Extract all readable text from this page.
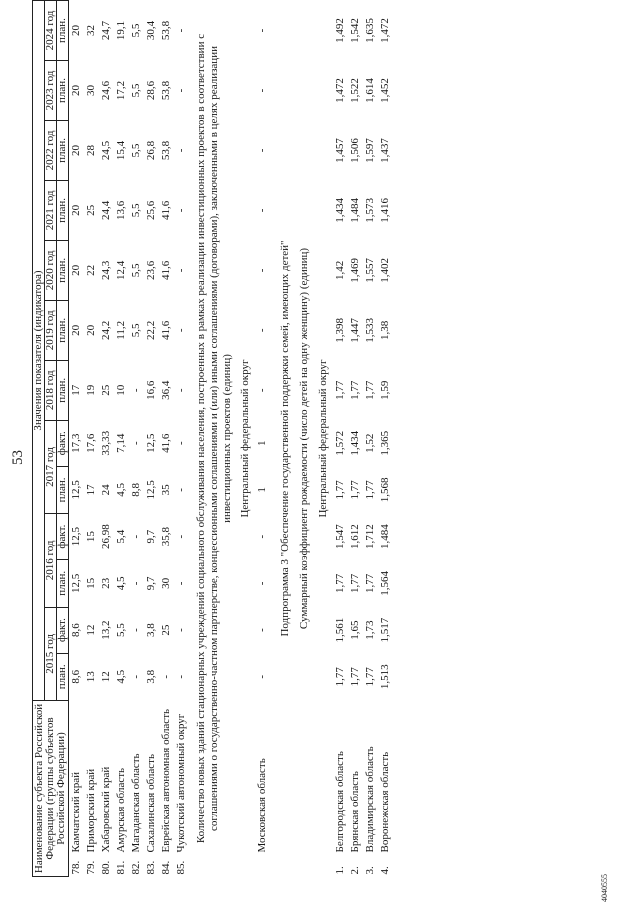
53
4040555
Наименование субъекта Российской Федерации (группы субъектов Российской Федерации)		Значения показателя (индикатора)												
		2015 год		2016 год		2017 год		2018 год	2019 год	2020 год	2021 год	2022 год	2023 год	2024 год
		план.	факт.	план.	факт.	план.	факт.	план.	план.	план.	план.	план.	план.	план.
78.	Камчатский край	8,6	8,6	12,5	12,5	12,5	17,3	17	20	20	20	20	20	20
79.	Приморский край	13	12	15	15	17	17,6	19	20	22	25	28	30	32
80.	Хабаровский край	12	13,2	23	26,98	24	33,33	25	24,2	24,3	24,4	24,5	24,6	24,7
81.	Амурская область	4,5	5,5	4,5	5,4	4,5	7,14	10	11,2	12,4	13,6	15,4	17,2	19,1
82.	Магаданская область	-	-	-	-	8,8	-	-	5,5	5,5	5,5	5,5	5,5	5,5
83.	Сахалинская область	3,8	3,8	9,7	9,7	12,5	12,5	16,6	22,2	23,6	25,6	26,8	28,6	30,4
84.	Еврейская автономная область	-	25	30	35,8	35	41,6	36,4	41,6	41,6	41,6	53,8	53,8	53,8
85.	Чукотский автономный округ	-	-	-	-	-	-	-	-	-	-	-	-	-
Количество новых зданий стационарных учреждений социального обслуживания населения, построенных в рамках реализации инвестиционных проектов в соответствии с соглашениями о государственно-частном партнерстве, концессионными соглашениями и (или) иными соглашениями (договорами), заключенными в целях реализации инвестиционных проектов (единиц)														
Центральный федеральный округ														
	Московская область	-	-	-	-	1	1	-	-	-	-	-	-	-
Подпрограмма 3 "Обеспечение государственной поддержки семей, имеющих детей"														
Суммарный коэффициент рождаемости (число детей на одну женщину) (единиц)														
Центральный федеральный округ														
1.	Белгородская область	1,77	1,561	1,77	1,547	1,77	1,572	1,77	1,398	1,42	1,434	1,457	1,472	1,492
2.	Брянская область	1,77	1,65	1,77	1,612	1,77	1,434	1,77	1,447	1,469	1,484	1,506	1,522	1,542
3.	Владимирская область	1,77	1,73	1,77	1,712	1,77	1,52	1,77	1,533	1,557	1,573	1,597	1,614	1,635
4.	Воронежская область	1,513	1,517	1,564	1,484	1,568	1,365	1,59	1,38	1,402	1,416	1,437	1,452	1,472
